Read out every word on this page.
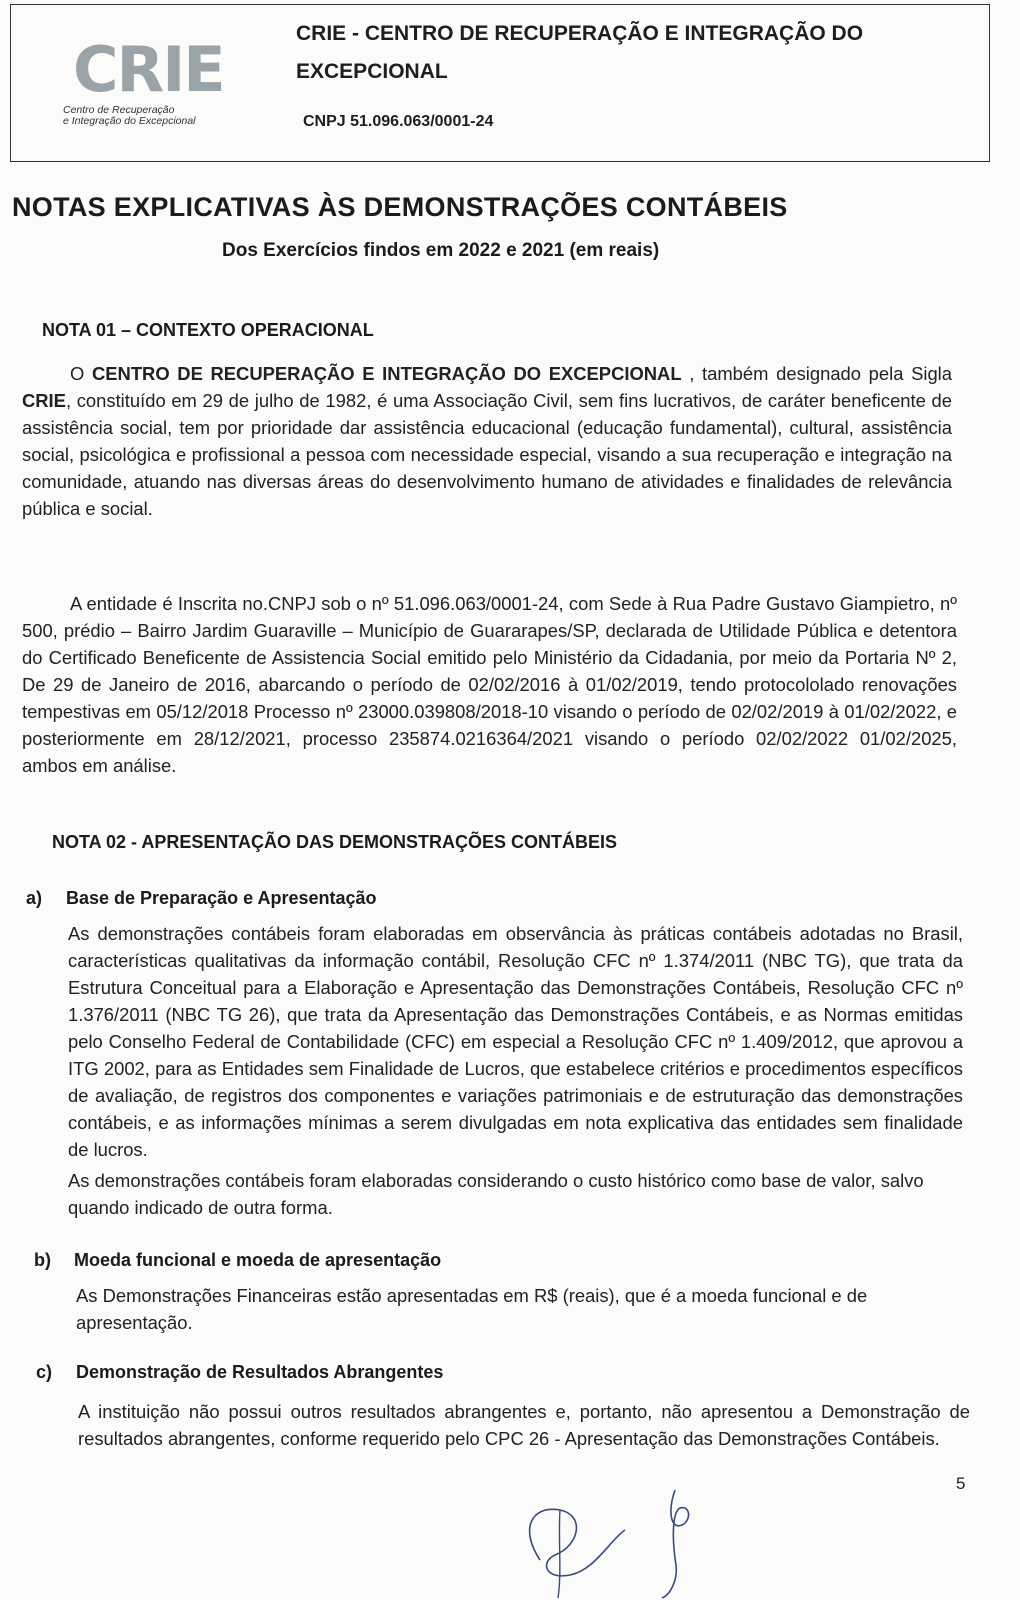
CRIE
Centro de Recuperação
e Integração do Excepcional
CRIE - CENTRO DE RECUPERAÇÃO E INTEGRAÇÃO DO EXCEPCIONAL
CNPJ 51.096.063/0001-24
NOTAS EXPLICATIVAS ÀS DEMONSTRAÇÕES CONTÁBEIS
Dos Exercícios findos em 2022 e 2021 (em reais)
NOTA 01 – CONTEXTO OPERACIONAL
O CENTRO DE RECUPERAÇÃO E INTEGRAÇÃO DO EXCEPCIONAL , também designado pela Sigla CRIE, constituído em 29 de julho de 1982, é uma Associação Civil, sem fins lucrativos, de caráter beneficente de assistência social, tem por prioridade dar assistência educacional (educação fundamental), cultural, assistência social, psicológica e profissional a pessoa com necessidade especial, visando a sua recuperação e integração na comunidade, atuando nas diversas áreas do desenvolvimento humano de atividades e finalidades de relevância pública e social.
A entidade é Inscrita no.CNPJ sob o nº 51.096.063/0001-24, com Sede à Rua Padre Gustavo Giampietro, nº 500, prédio – Bairro Jardim Guaraville – Município de Guararapes/SP, declarada de Utilidade Pública e detentora do Certificado Beneficente de Assistencia Social emitido pelo Ministério da Cidadania, por meio da Portaria Nº 2, De 29 de Janeiro de 2016, abarcando o período de 02/02/2016 à 01/02/2019, tendo protocololado renovações tempestivas em 05/12/2018 Processo nº 23000.039808/2018-10 visando o período de 02/02/2019 à 01/02/2022, e posteriormente em 28/12/2021, processo 235874.0216364/2021 visando o período 02/02/2022 01/02/2025, ambos em análise.
NOTA 02 - APRESENTAÇÃO DAS DEMONSTRAÇÕES CONTÁBEIS
a) Base de Preparação e Apresentação
As demonstrações contábeis foram elaboradas em observância às práticas contábeis adotadas no Brasil, características qualitativas da informação contábil, Resolução CFC nº 1.374/2011 (NBC TG), que trata da Estrutura Conceitual para a Elaboração e Apresentação das Demonstrações Contábeis, Resolução CFC nº 1.376/2011 (NBC TG 26), que trata da Apresentação das Demonstrações Contábeis, e as Normas emitidas pelo Conselho Federal de Contabilidade (CFC) em especial a Resolução CFC nº 1.409/2012, que aprovou a ITG 2002, para as Entidades sem Finalidade de Lucros, que estabelece critérios e procedimentos específicos de avaliação, de registros dos componentes e variações patrimoniais e de estruturação das demonstrações contábeis, e as informações mínimas a serem divulgadas em nota explicativa das entidades sem finalidade de lucros.
As demonstrações contábeis foram elaboradas considerando o custo histórico como base de valor, salvo quando indicado de outra forma.
b) Moeda funcional e moeda de apresentação
As Demonstrações Financeiras estão apresentadas em R$ (reais), que é a moeda funcional e de apresentação.
c) Demonstração de Resultados Abrangentes
A instituição não possui outros resultados abrangentes e, portanto, não apresentou a Demonstração de resultados abrangentes, conforme requerido pelo CPC 26 - Apresentação das Demonstrações Contábeis.
5
